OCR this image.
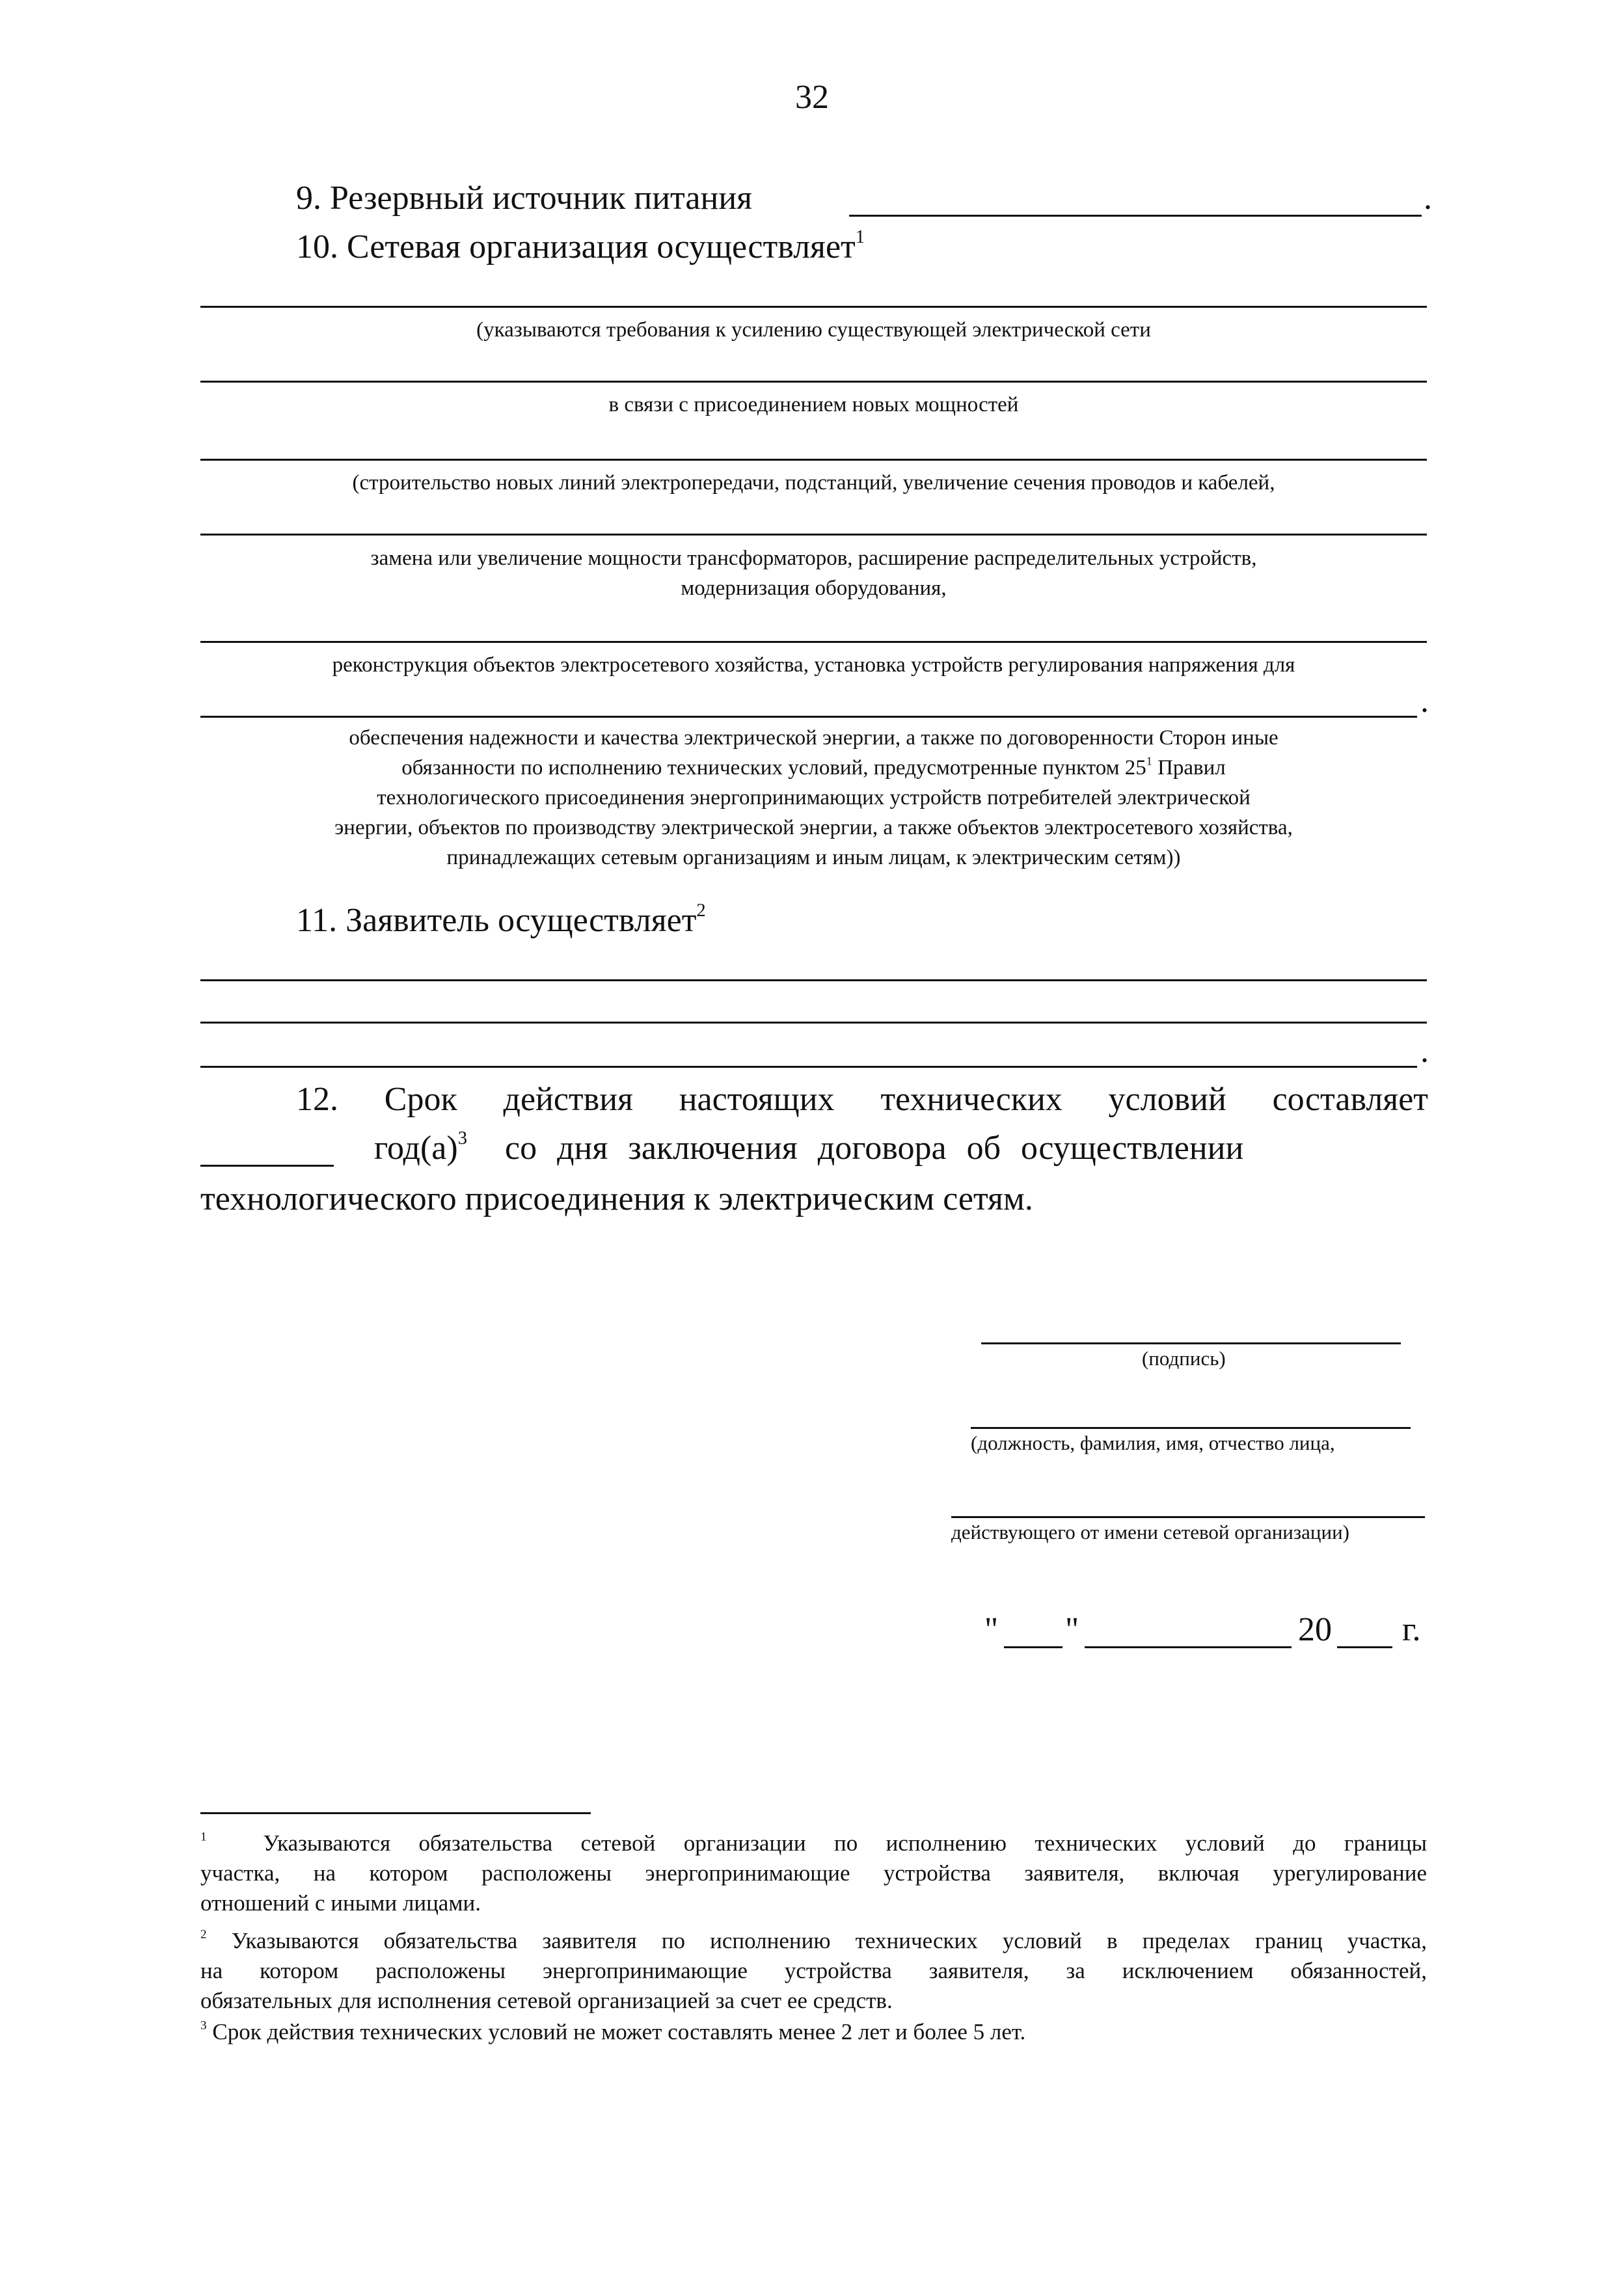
32
9. Резервный источник питания	.
10. Сетевая организация осуществляет$^1$
(указываются требования к усилению существующей электрической сети
в связи с присоединением новых мощностей
(строительство новых линий электропередачи, подстанций, увеличение сечения проводов и кабелей,
замена или увеличение мощности трансформаторов, расширение распределительных устройств,
модернизация оборудования,
реконструкция объектов электросетевого хозяйства, установка устройств регулирования напряжения для
.
обеспечения надежности и качества электрической энергии, а также по договоренности Сторон иные
обязанности по исполнению технических условий, предусмотренные пунктом $25^1$ Правил
технологического присоединения энергопринимающих устройств потребителей электрической
энергии, объектов по производству электрической энергии, а также объектов электросетевого хозяйства,
принадлежащих сетевым организациям и иным лицам, к электрическим сетям))
11. Заявитель осуществляет$^2$
.
12. Срок действия настоящих технических условий составляет
$год(а)^3$ со дня заключения договора об осуществлении
технологического присоединения к электрическим сетям.
(подпись)
(должность, фамилия, имя, отчество лица,
действующего от имени сетевой организации)
" "	20 г.
$^1$ Указываются обязательства сетевой организации по исполнению технических условий до границы
участка, на котором расположены энергопринимающие устройства заявителя, включая урегулирование
отношений с иными лицами.
$^2$ Указываются обязательства заявителя по исполнению технических условий в пределах границ участка,
на котором расположены энергопринимающие устройства заявителя, за исключением обязанностей,
обязательных для исполнения сетевой организацией за счет ее средств.
$^3$ Срок действия технических условий не может составлять менее 2 лет и более 5 лет.
